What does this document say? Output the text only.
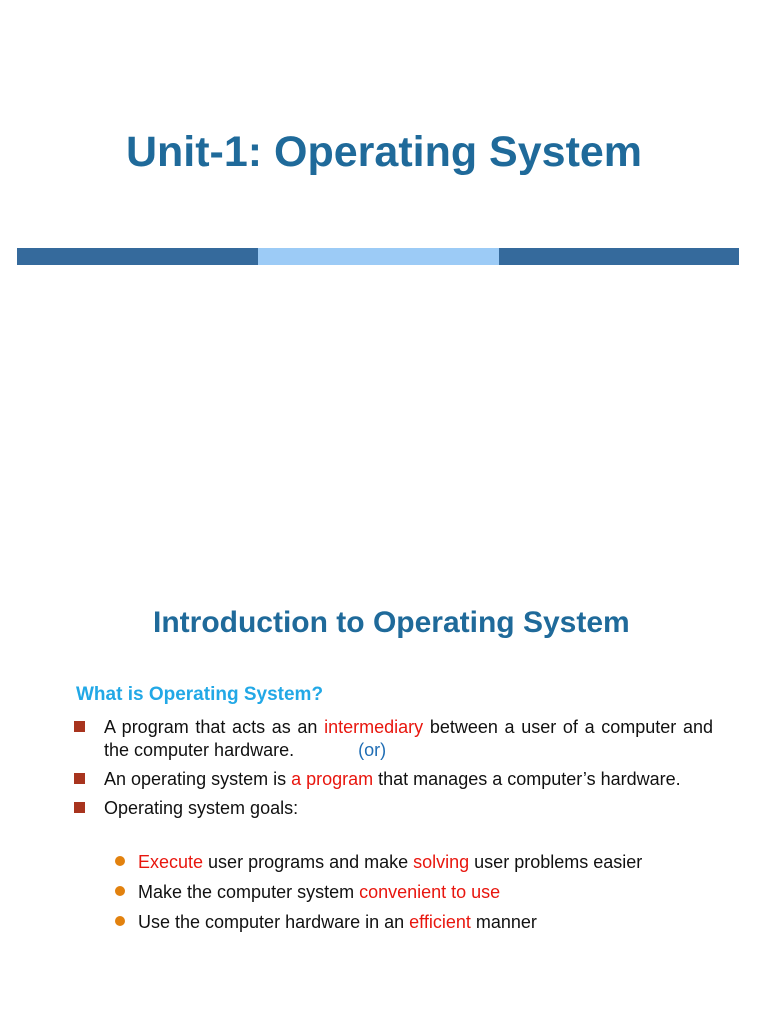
Unit-1: Operating System
Introduction to Operating System
What is Operating System?
A program that acts as an intermediary between a user of a computer and the computer hardware.	(or)
An operating system is a program that manages a computer’s hardware.
Operating system goals:
Execute user programs and make solving user problems easier
Make the computer system convenient to use
Use the computer hardware in an efficient manner
